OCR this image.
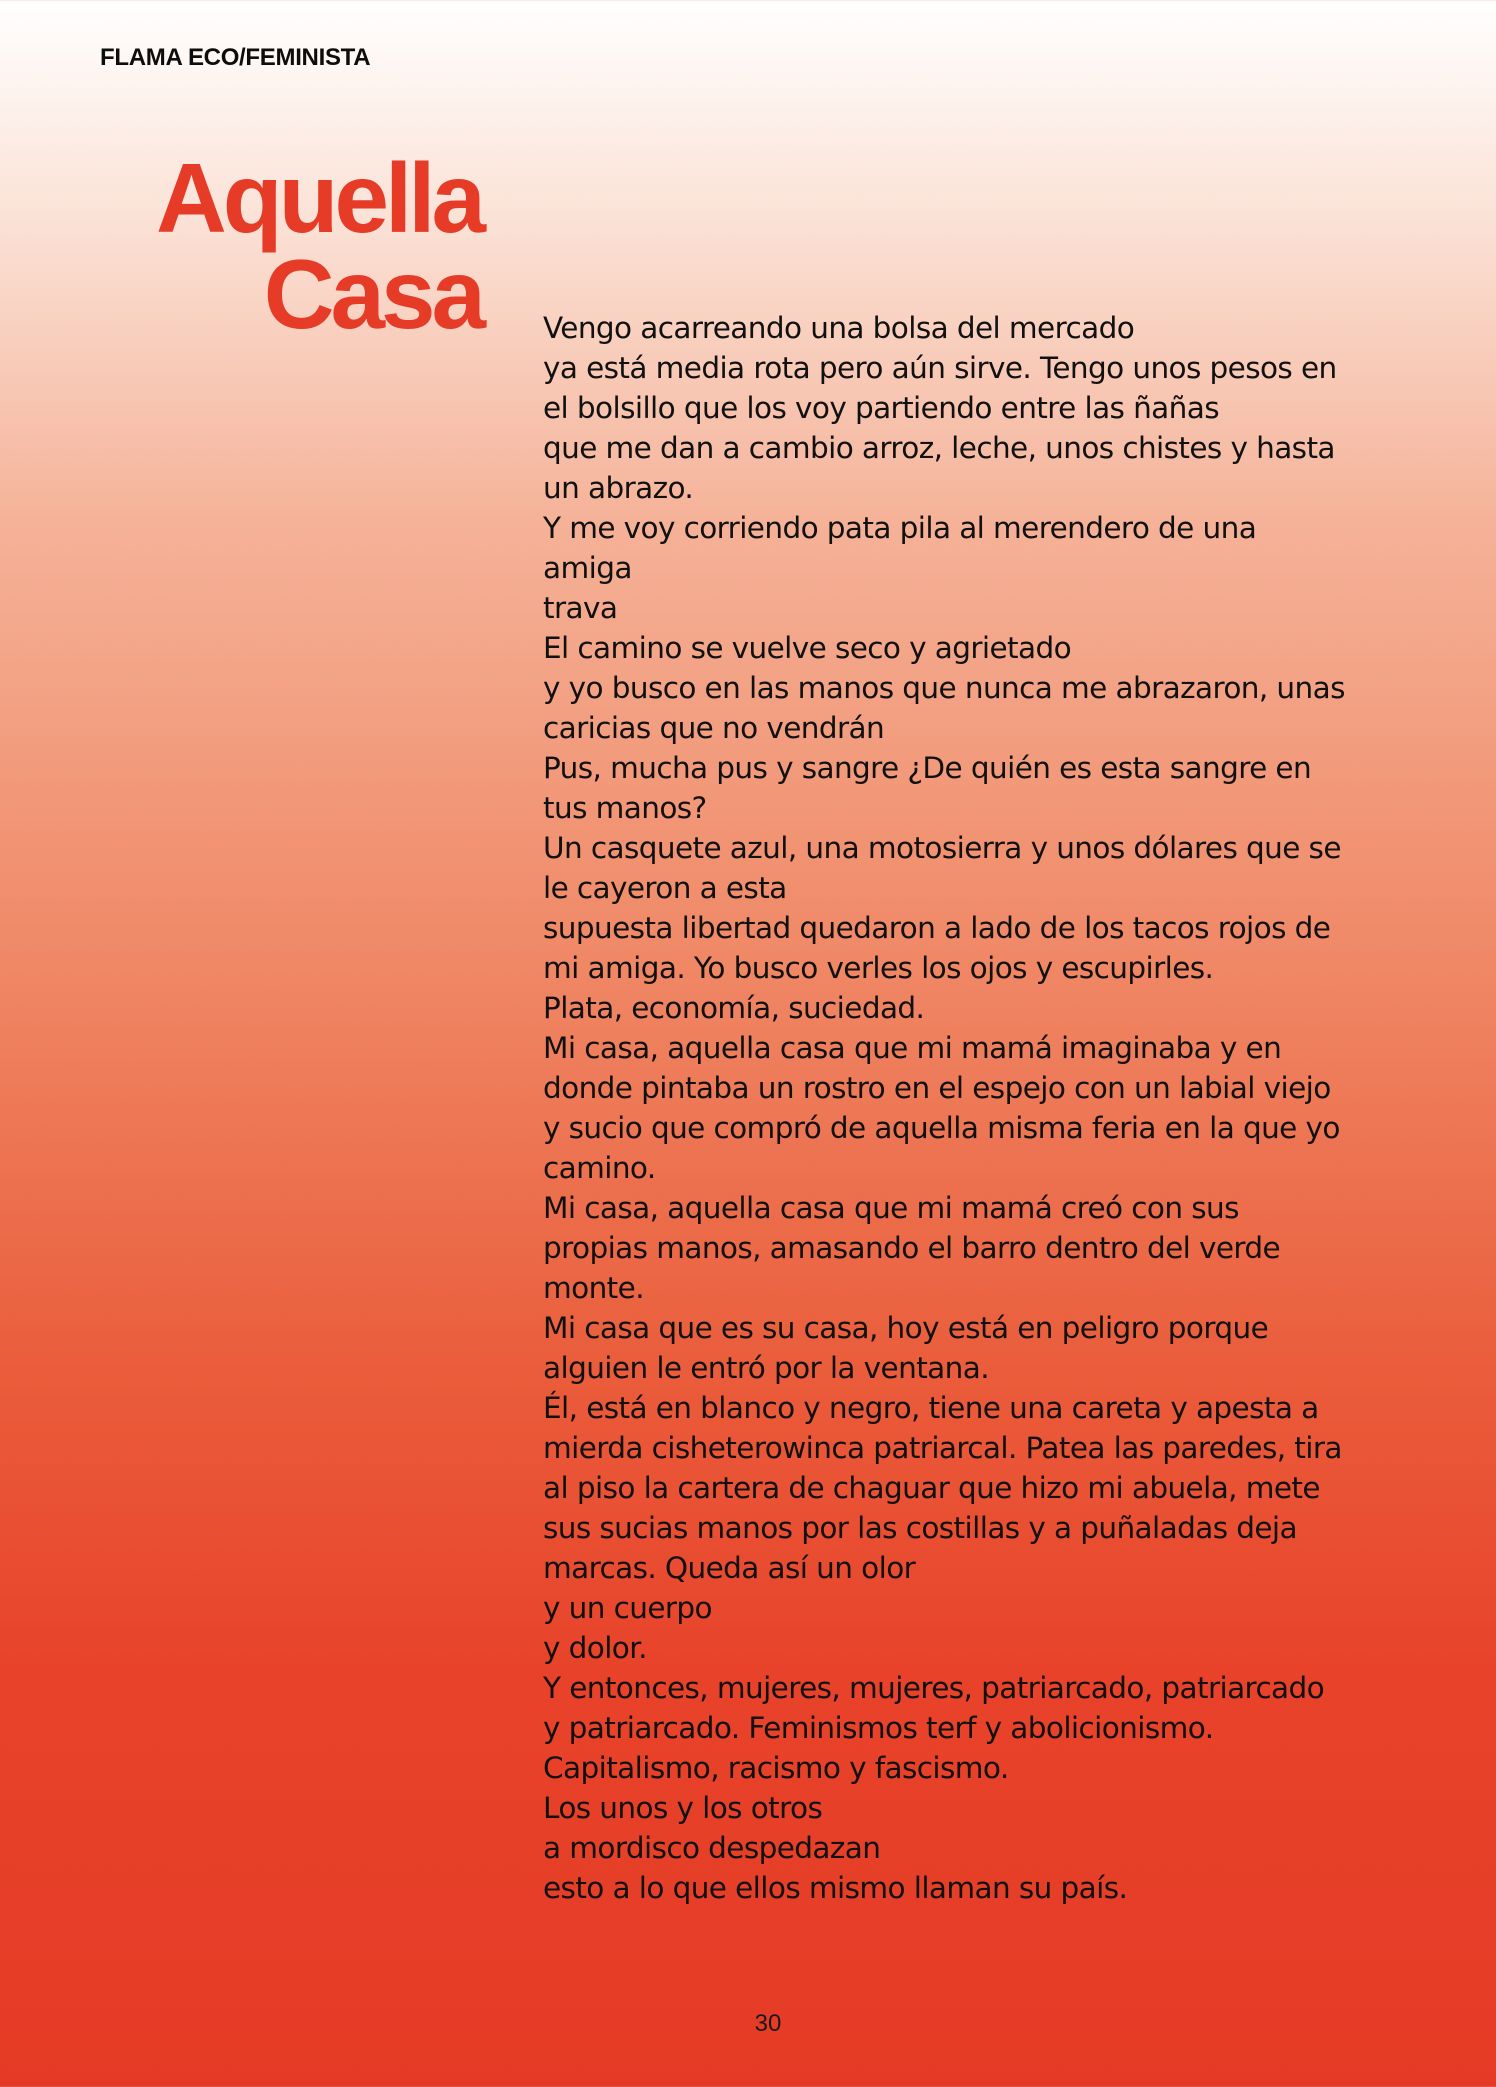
FLAMA ECO/FEMINISTA
Aquella
Casa Vengo acarreando una bolsa del mercado
ya está media rota pero aún sirve. Tengo unos pesos en
el bolsillo que los voy partiendo entre las ñañas
que me dan a cambio arroz, leche, unos chistes y hasta
un abrazo.
Y me voy corriendo pata pila al merendero de una
amiga
trava
El camino se vuelve seco y agrietado
y yo busco en las manos que nunca me abrazaron, unas
caricias que no vendrán
Pus, mucha pus y sangre ¿De quién es esta sangre en
tus manos?
Un casquete azul, una motosierra y unos dólares que se
le cayeron a esta
supuesta libertad quedaron a lado de los tacos rojos de
mi amiga. Yo busco verles los ojos y escupirles.
Plata, economía, suciedad.
Mi casa, aquella casa que mi mamá imaginaba y en
donde pintaba un rostro en el espejo con un labial viejo
y sucio que compró de aquella misma feria en la que yo
camino.
Mi casa, aquella casa que mi mamá creó con sus
propias manos, amasando el barro dentro del verde
monte.
Mi casa que es su casa, hoy está en peligro porque
alguien le entró por la ventana.
Él, está en blanco y negro, tiene una careta y apesta a
mierda cisheterowinca patriarcal. Patea las paredes, tira
al piso la cartera de chaguar que hizo mi abuela, mete
sus sucias manos por las costillas y a puñaladas deja
marcas. Queda así un olor
y un cuerpo
y dolor.
Y entonces, mujeres, mujeres, patriarcado, patriarcado
y patriarcado. Feminismos terf y abolicionismo.
Capitalismo, racismo y fascismo.
Los unos y los otros
a mordisco despedazan
esto a lo que ellos mismo llaman su país.
30
